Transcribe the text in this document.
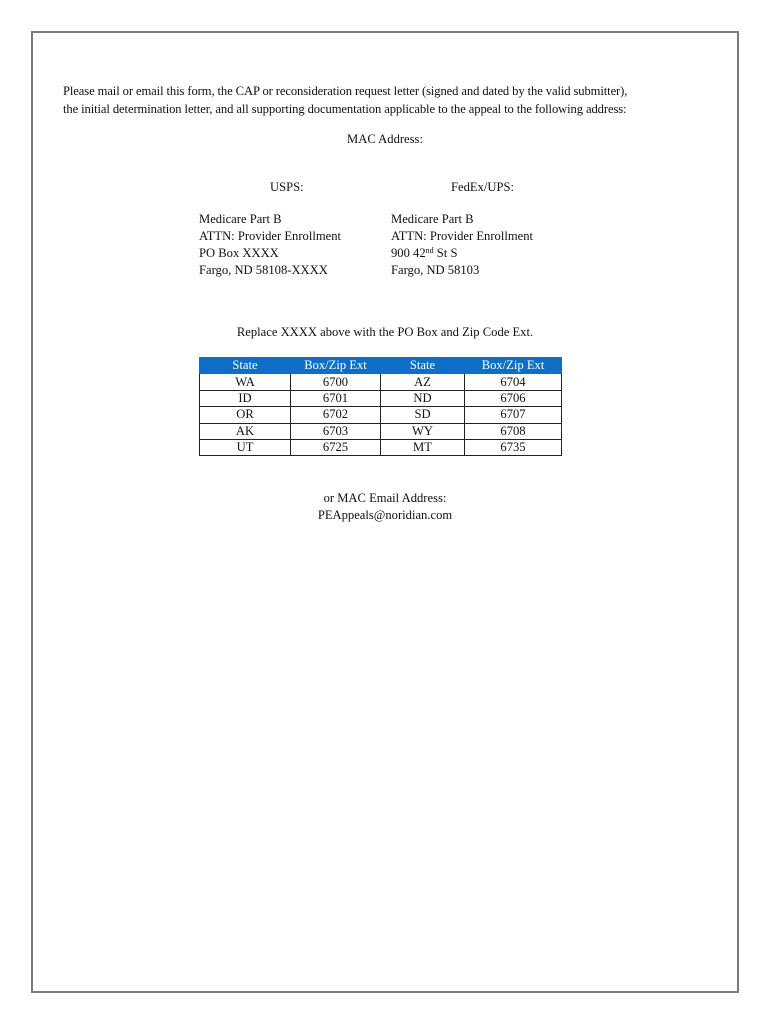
Please mail or email this form, the CAP or reconsideration request letter (signed and dated by the valid submitter),
the initial determination letter, and all supporting documentation applicable to the appeal to the following address:

MAC Address:
USPS:	FedEx/UPS:
Medicare Part B
ATTN: Provider Enrollment
PO Box XXXX
Fargo, ND 58108-XXXX
Medicare Part B
ATTN: Provider Enrollment
900 42nd St S
Fargo, ND 58103
Replace XXXX above with the PO Box and Zip Code Ext.
State	Box/Zip Ext	State	Box/Zip Ext
WA	6700	AZ	6704
ID	6701	ND	6706
OR	6702	SD	6707
AK	6703	WY	6708
UT	6725	MT	6735
or MAC Email Address:
PEAppeals@noridian.com
